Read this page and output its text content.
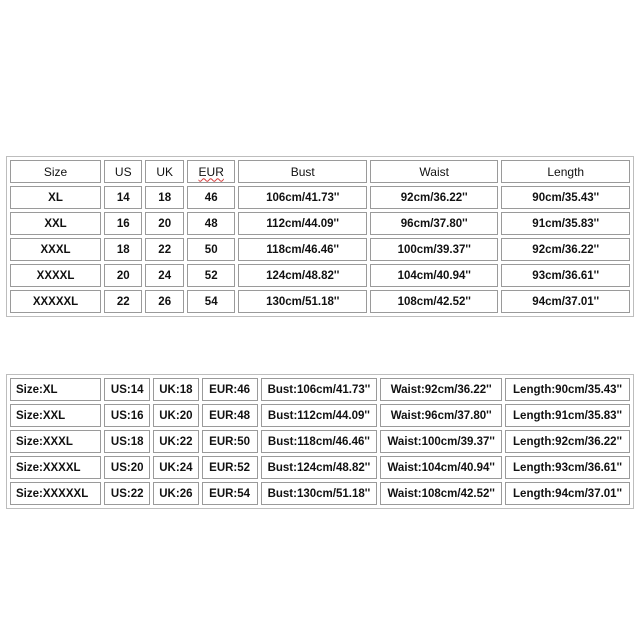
Size	US	UK	EUR	Bust	Waist	Length
XL	14	18	46	106cm/41.73''	92cm/36.22''	90cm/35.43''
XXL	16	20	48	112cm/44.09''	96cm/37.80''	91cm/35.83''
XXXL	18	22	50	118cm/46.46''	100cm/39.37''	92cm/36.22''
XXXXL	20	24	52	124cm/48.82''	104cm/40.94''	93cm/36.61''
XXXXXL	22	26	54	130cm/51.18''	108cm/42.52''	94cm/37.01''
Size:XL	US:14	UK:18	EUR:46	Bust:106cm/41.73''	Waist:92cm/36.22''	Length:90cm/35.43''
Size:XXL	US:16	UK:20	EUR:48	Bust:112cm/44.09''	Waist:96cm/37.80''	Length:91cm/35.83''
Size:XXXL	US:18	UK:22	EUR:50	Bust:118cm/46.46''	Waist:100cm/39.37''	Length:92cm/36.22''
Size:XXXXL	US:20	UK:24	EUR:52	Bust:124cm/48.82''	Waist:104cm/40.94''	Length:93cm/36.61''
Size:XXXXXL	US:22	UK:26	EUR:54	Bust:130cm/51.18''	Waist:108cm/42.52''	Length:94cm/37.01''
